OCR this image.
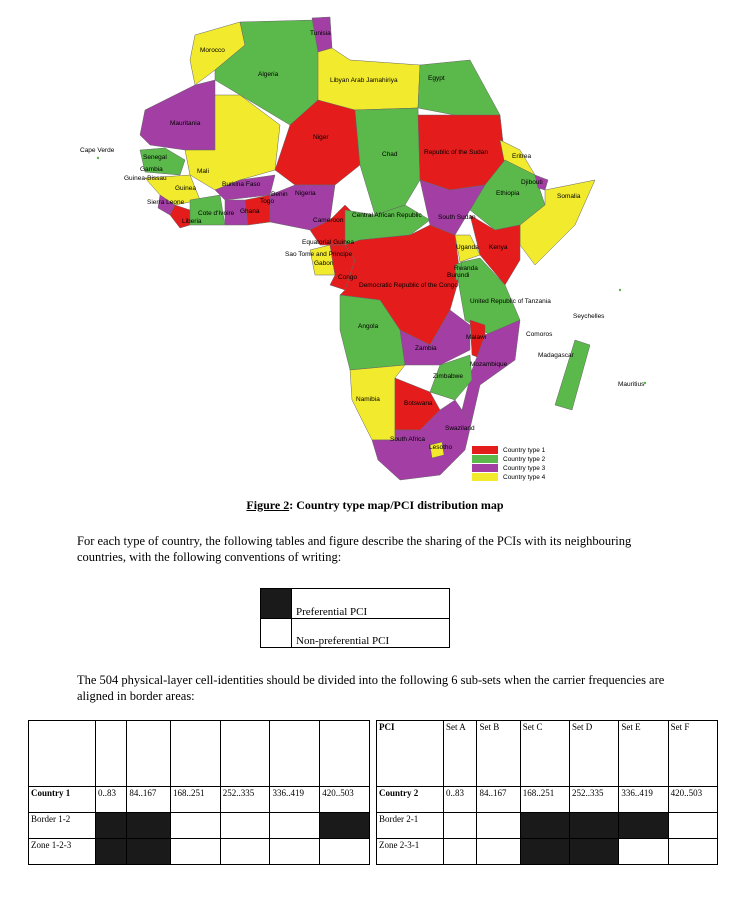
Tunisia
Morocco
Algeria
Libyan Arab Jamahiriya	Egypt
Mauritania
Cape Verde
Niger
Senegal	Chad	Republic of the Sudan
Eritrea
Gambia	Mali
Guinea-Bissau
Djibouti
Guinea
Burkina Faso
Benin Nigeria	Ethiopia	Somalia
Togo
Sierra Leone
Cote d'Ivoire Ghana
Central African Republic	South Sudan
Liberia	Cameroon
Equatorial Guinea
Uganda Kenya
Sao Tome and Principe
Gabon
Rwanda
Burundi
Congo
Democratic Republic of the Congo
United Republic of Tanzania
Seychelles
Angola
Comoros
Malawi
Zambia
Madagascar
Mozambique
Zimbabwe
Mauritius
Namibia
Botswana
Swaziland
South Africa
Lesotho	Country type 1
Country type 2
Country type 3
Country type 4
Figure 2: Country type map/PCI distribution map
For each type of country, the following tables and figure describe the sharing of the PCIs with its neighbouring countries, with the following conventions of writing:
	Preferential PCI
	Non-preferential PCI
The 504 physical-layer cell-identities should be divided into the following 6 sub-sets when the carrier frequencies are aligned in border areas:

Country 1	0..83	84..167	168..251	252..335	336..419	420..503
Border 1-2						
Zone 1-2-3						
PCI	Set A	Set B	Set C	Set D	Set E	Set F
Country 2	0..83	84..167	168..251	252..335	336..419	420..503
Border 2-1						
Zone 2-3-1						
